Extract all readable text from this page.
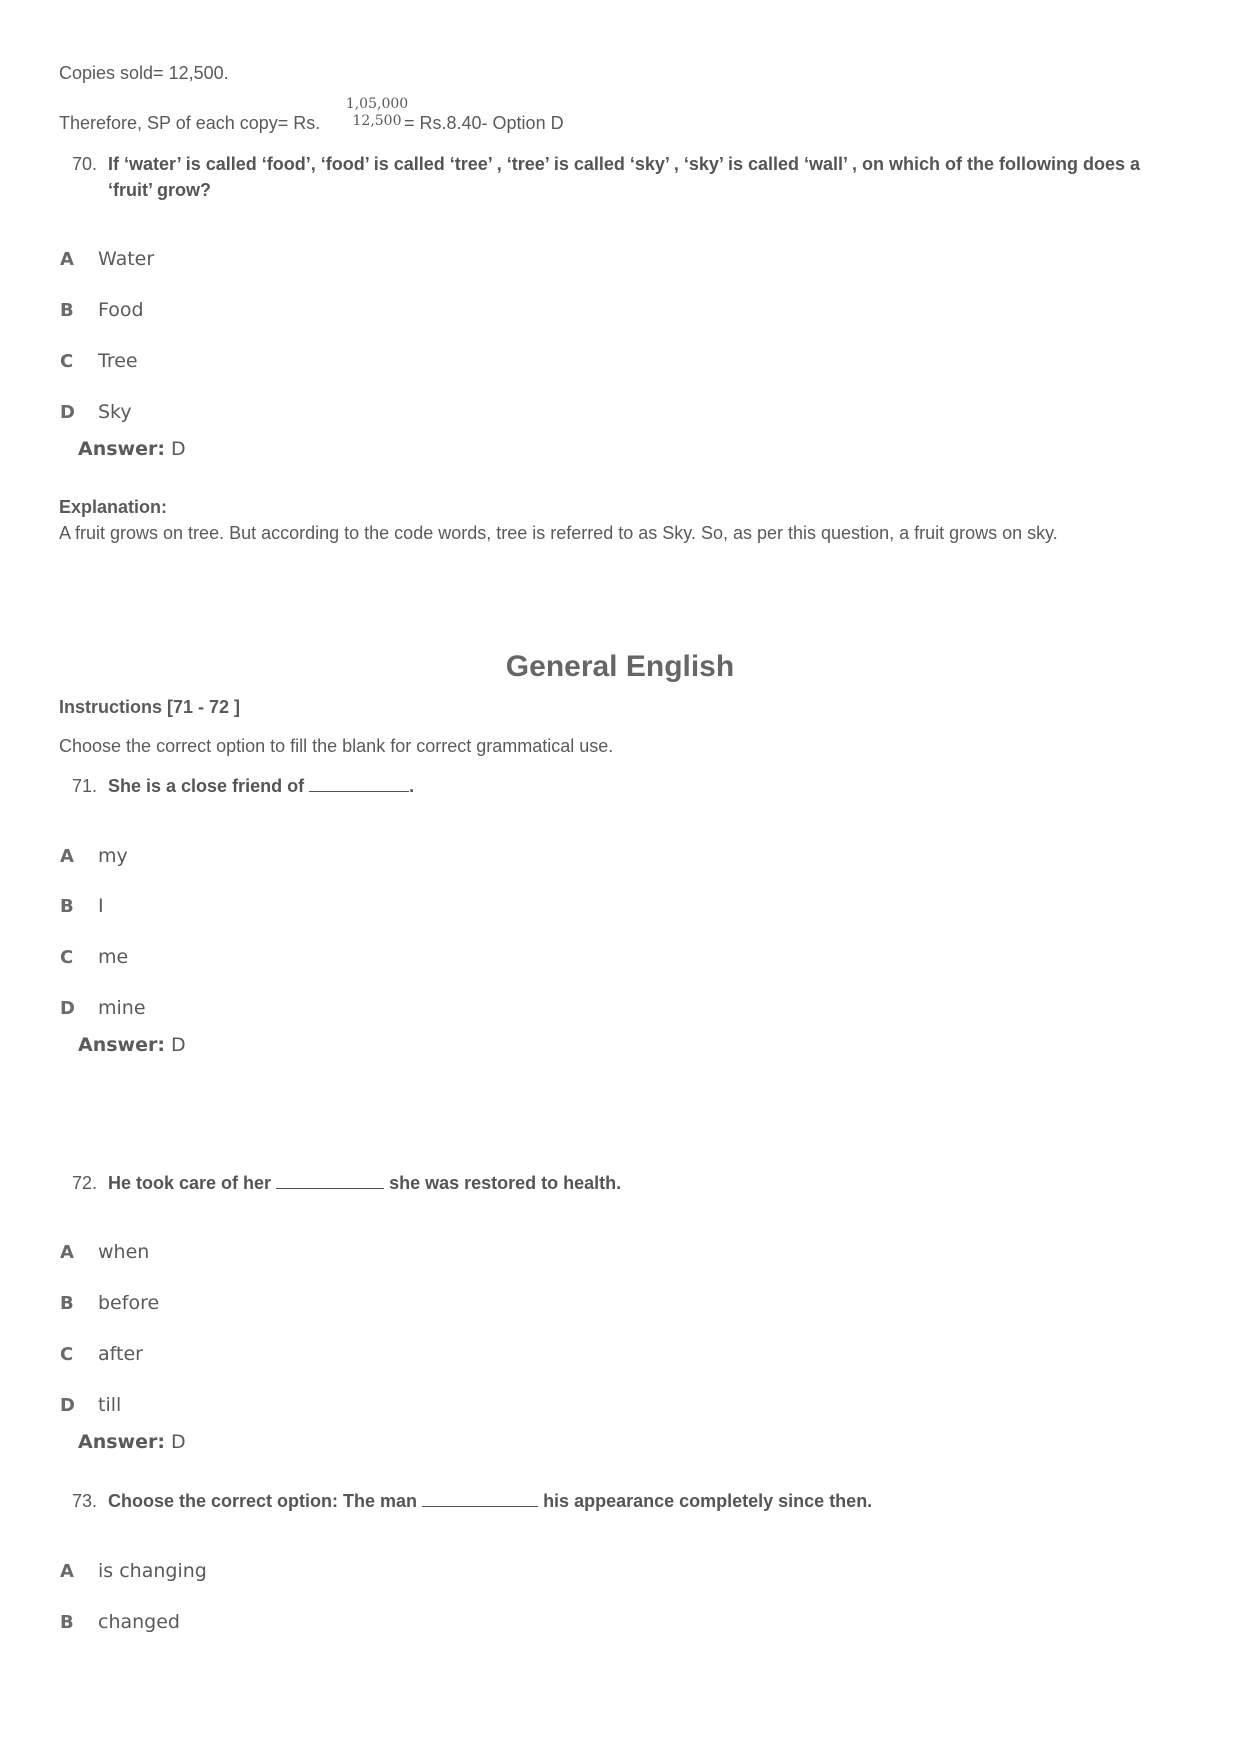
Copies sold= 12,500.
Therefore, SP of each copy= Rs.
1,05,000
12,500 = Rs.8.40- Option D
70. If ‘water’ is called ‘food’, ‘food’ is called ‘tree’ , ‘tree’ is called ‘sky’ , ‘sky’ is called ‘wall’ , on which of the following does a ‘fruit’ grow?
A Water
B Food
C Tree
D Sky
Answer: D
Explanation:
A fruit grows on tree. But according to the code words, tree is referred to as Sky. So, as per this question, a fruit grows on sky.
General English
Instructions [71 - 72 ]
Choose the correct option to fill the blank for correct grammatical use.
71. She is a close friend of	.
A my
B I
C me
D mine
Answer: D
72. He took care of her	she was restored to health.
A when
B before
C after
D till
Answer: D
73. Choose the correct option: The man	his appearance completely since then.
A is changing
B changed
